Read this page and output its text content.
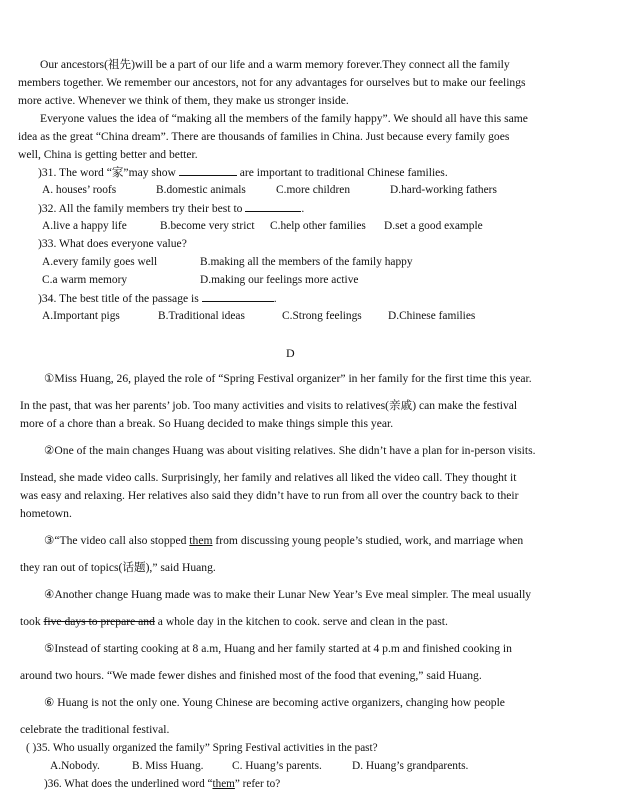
Our ancestors(祖先)will be a part of our life and a warm memory forever.They connect all the family
members together. We remember our ancestors, not for any advantages for ourselves but to make our feelings
more active. Whenever we think of them, they make us stronger inside.
Everyone values the idea of “making all the members of the family happy”. We should all have this same
idea as the great “China dream”. There are thousands of families in China. Just because every family goes
well, China is getting better and better.
)31. The word “家”may show	are important to traditional Chinese families.
A. houses’ roofs	B.domestic animals	C.more children	D.hard-working fathers
)32. All the family members try their best to	.
A.live a happy life	B.become very strict C.help other families D.set a good example
)33. What does everyone value?
A.every family goes well	B.making all the members of the family happy
C.a warm memory	D.making our feelings more active
)34. The best title of the passage is	.
A.Important pigs	B.Traditional ideas	C.Strong feelings D.Chinese families
D
①Miss Huang, 26, played the role of “Spring Festival organizer” in her family for the first time this year.
In the past, that was her parents’ job. Too many activities and visits to relatives(亲戚) can make the festival
more of a chore than a break. So Huang decided to make things simple this year.
②One of the main changes Huang was about visiting relatives. She didn’t have a plan for in-person visits.
Instead, she made video calls. Surprisingly, her family and relatives all liked the video call. They thought it
was easy and relaxing. Her relatives also said they didn’t have to run from all over the country back to their
hometown.
③“The video call also stopped them from discussing young people’s studied, work, and marriage when
they ran out of topics(话题),” said Huang.
④Another change Huang made was to make their Lunar New Year’s Eve meal simpler. The meal usually
took five days to prepare and a whole day in the kitchen to cook. serve and clean in the past.
⑤Instead of starting cooking at 8 a.m, Huang and her family started at 4 p.m and finished cooking in
around two hours. “We made fewer dishes and finished most of the food that evening,” said Huang.
⑥ Huang is not the only one. Young Chinese are becoming active organizers, changing how people
celebrate the traditional festival.
( )35. Who usually organized the family” Spring Festival activities in the past?
A.Nobody.	B. Miss Huang. C. Huang’s parents.	D. Huang’s grandparents.
)36. What does the underlined word “them” refer to?
